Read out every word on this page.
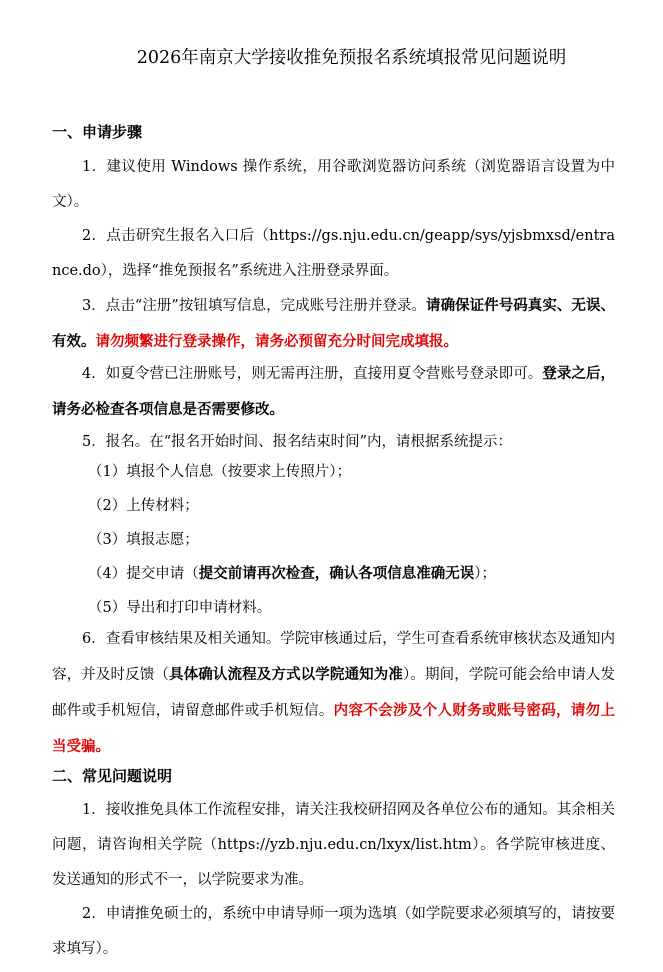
2026年南京大学接收推免预报名系统填报常见问题说明
一、申请步骤
1．建议使用 Windows 操作系统，用谷歌浏览器访问系统（浏览器语言设置为中文）。
2．点击研究生报名入口后（https://gs.nju.edu.cn/geapp/sys/yjsbmxsd/entrance.do），选择“推免预报名”系统进入注册登录界面。
3．点击“注册”按钮填写信息，完成账号注册并登录。请确保证件号码真实、无误、有效。请勿频繁进行登录操作，请务必预留充分时间完成填报。
4．如夏令营已注册账号，则无需再注册，直接用夏令营账号登录即可。登录之后，请务必检查各项信息是否需要修改。
5．报名。在“报名开始时间、报名结束时间”内，请根据系统提示：
（1）填报个人信息（按要求上传照片）；
（2）上传材料；
（3）填报志愿；
（4）提交申请（提交前请再次检查，确认各项信息准确无误）；
（5）导出和打印申请材料。
6．查看审核结果及相关通知。学院审核通过后，学生可查看系统审核状态及通知内容，并及时反馈（具体确认流程及方式以学院通知为准）。期间，学院可能会给申请人发邮件或手机短信，请留意邮件或手机短信。内容不会涉及个人财务或账号密码，请勿上当受骗。
二、常见问题说明
1．接收推免具体工作流程安排，请关注我校研招网及各单位公布的通知。其余相关问题，请咨询相关学院（https://yzb.nju.edu.cn/lxyx/list.htm）。各学院审核进度、发送通知的形式不一，以学院要求为准。
2．申请推免硕士的，系统中申请导师一项为选填（如学院要求必须填写的，请按要求填写）。
